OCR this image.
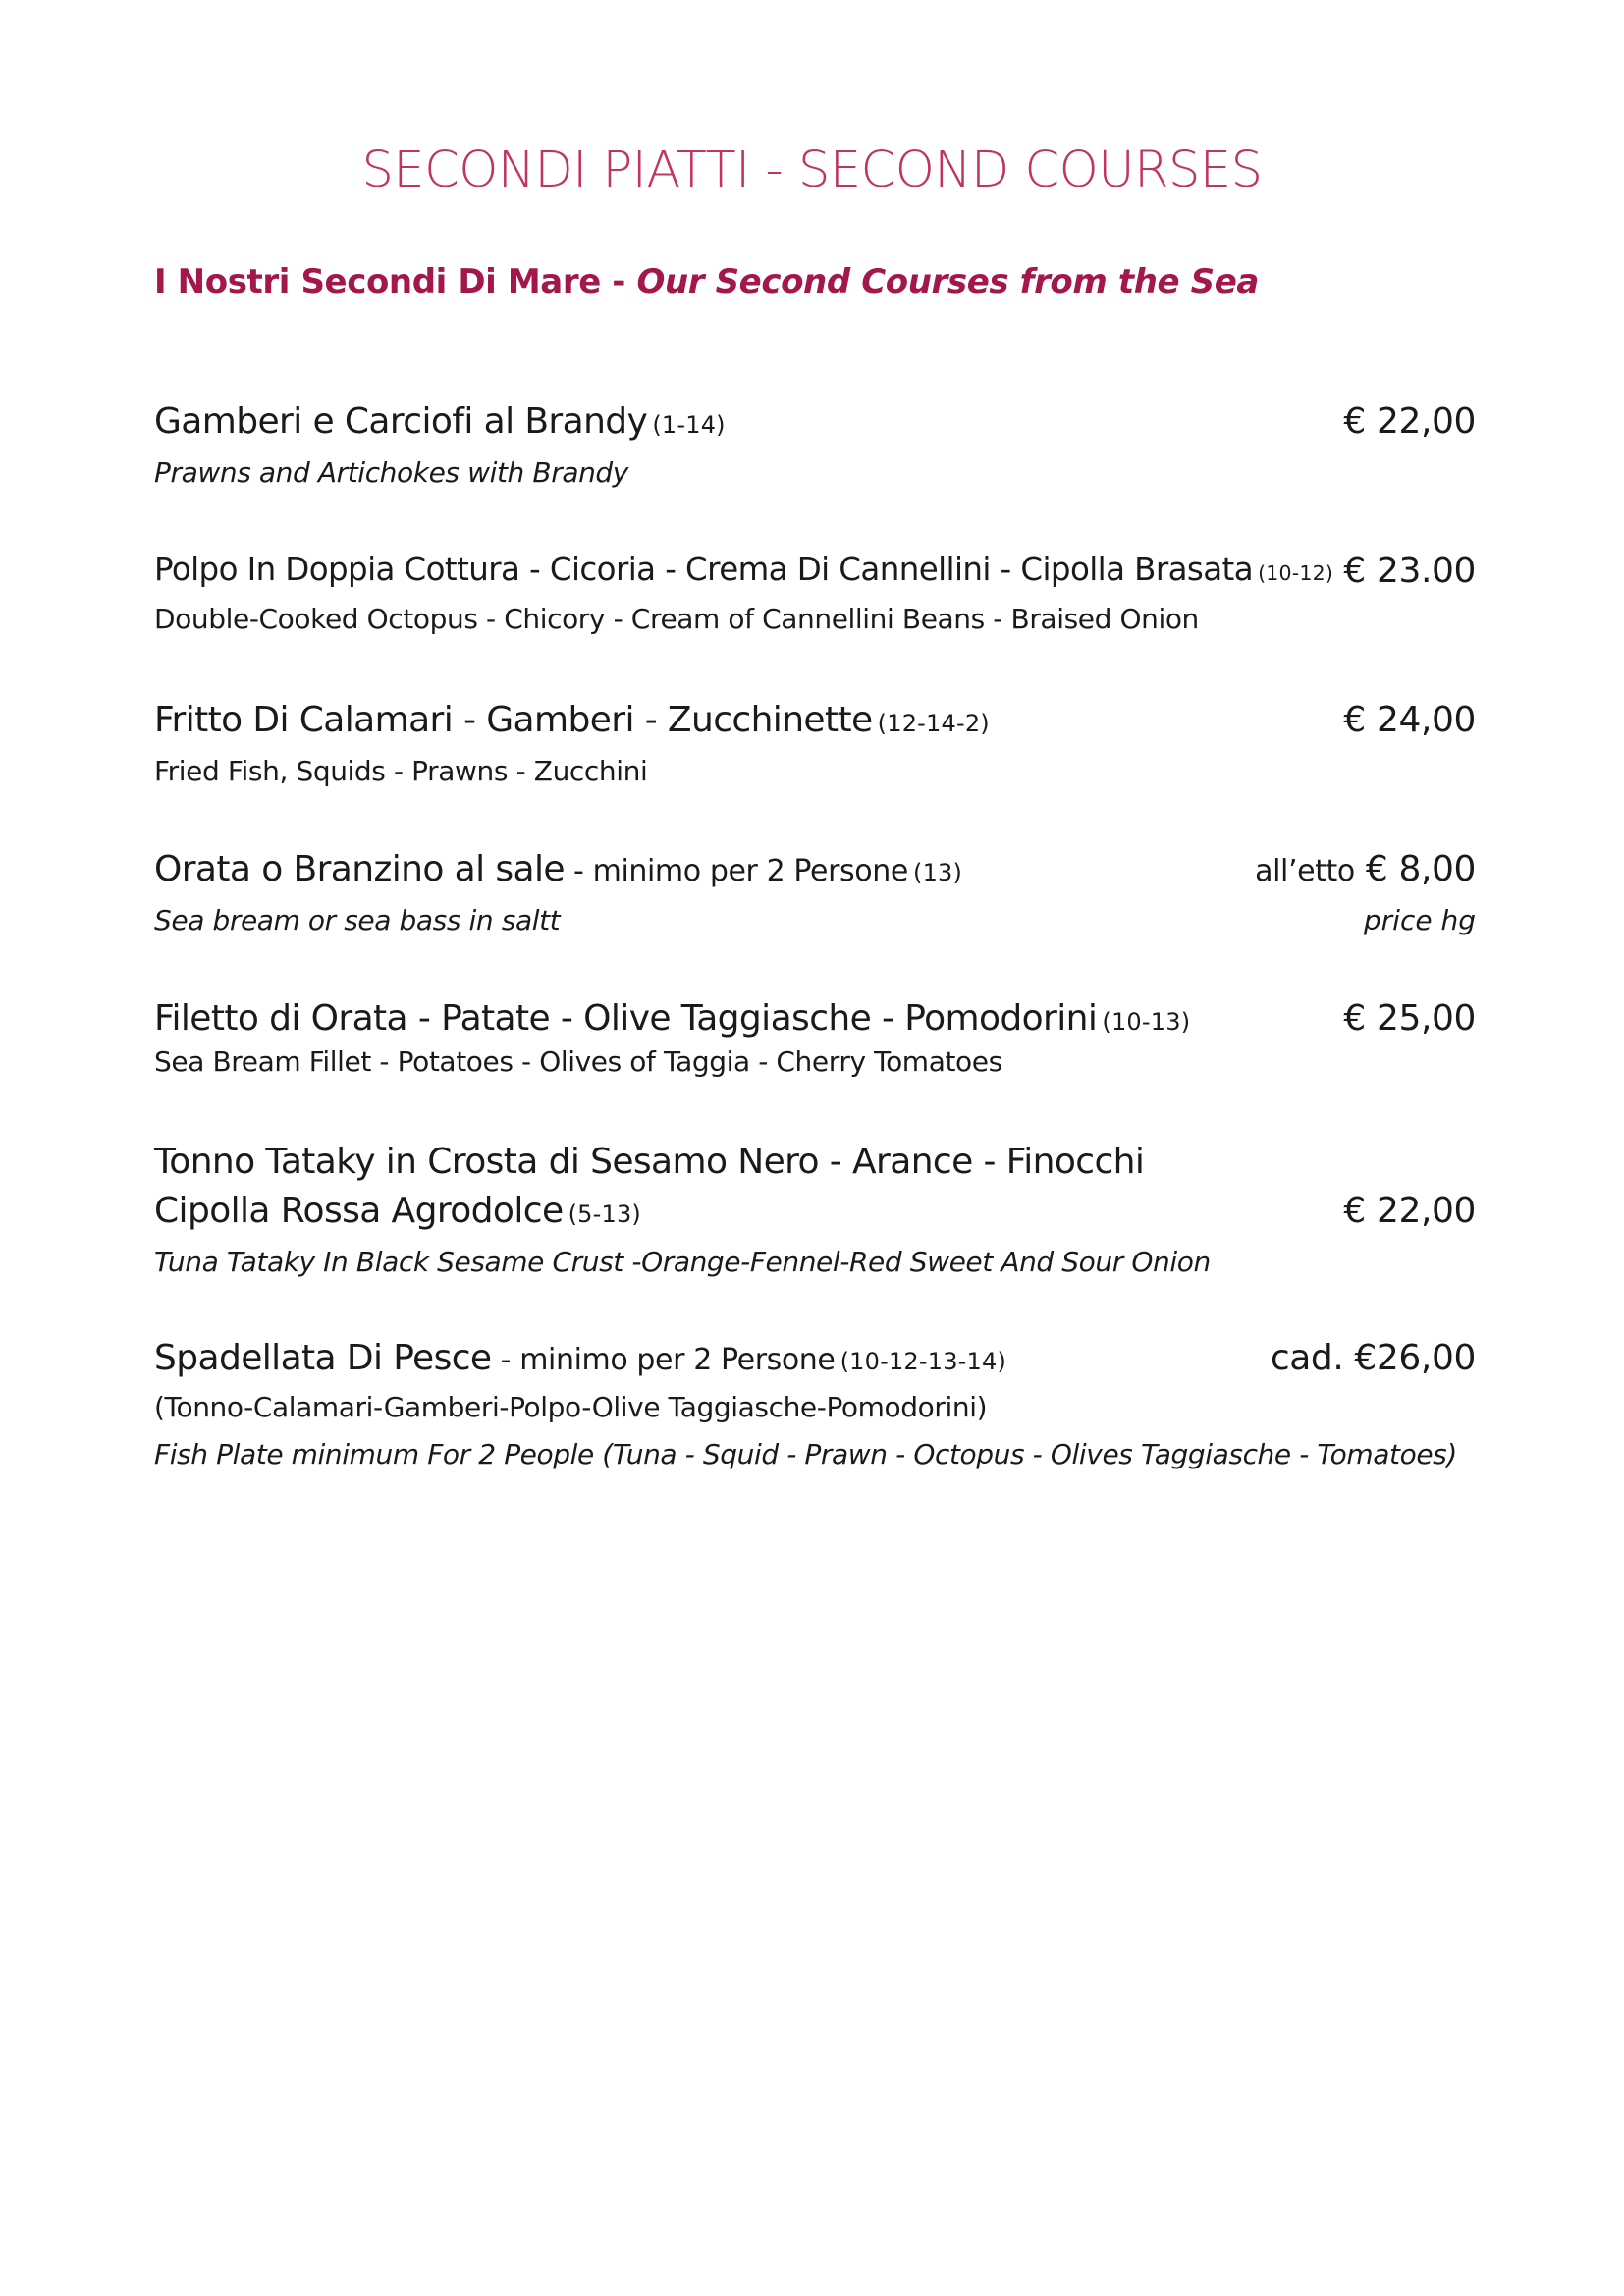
SECONDI PIATTI - SECOND COURSES
I Nostri Secondi Di Mare - Our Second Courses from the Sea
Gamberi e Carciofi al Brandy (1-14)	€ 22,00
Prawns and Artichokes with Brandy
Polpo In Doppia Cottura - Cicoria - Crema Di Cannellini - Cipolla Brasata (10-12) € 23.00
Double-Cooked Octopus - Chicory - Cream of Cannellini Beans - Braised Onion
Fritto Di Calamari - Gamberi - Zucchinette (12-14-2)	€ 24,00
Fried Fish, Squids - Prawns - Zucchini
Orata o Branzino al sale - minimo per 2 Persone (13)	all’etto € 8,00
Sea bream or sea bass in saltt	price hg
Filetto di Orata - Patate - Olive Taggiasche - Pomodorini (10-13)	€ 25,00
Sea Bream Fillet - Potatoes - Olives of Taggia - Cherry Tomatoes
Tonno Tataky in Crosta di Sesamo Nero - Arance - Finocchi
Cipolla Rossa Agrodolce (5-13)	€ 22,00
Tuna Tataky In Black Sesame Crust -Orange-Fennel-Red Sweet And Sour Onion
Spadellata Di Pesce - minimo per 2 Persone (10-12-13-14)	cad. €26,00
(Tonno-Calamari-Gamberi-Polpo-Olive Taggiasche-Pomodorini)
Fish Plate minimum For 2 People (Tuna - Squid - Prawn - Octopus - Olives Taggiasche - Tomatoes)
